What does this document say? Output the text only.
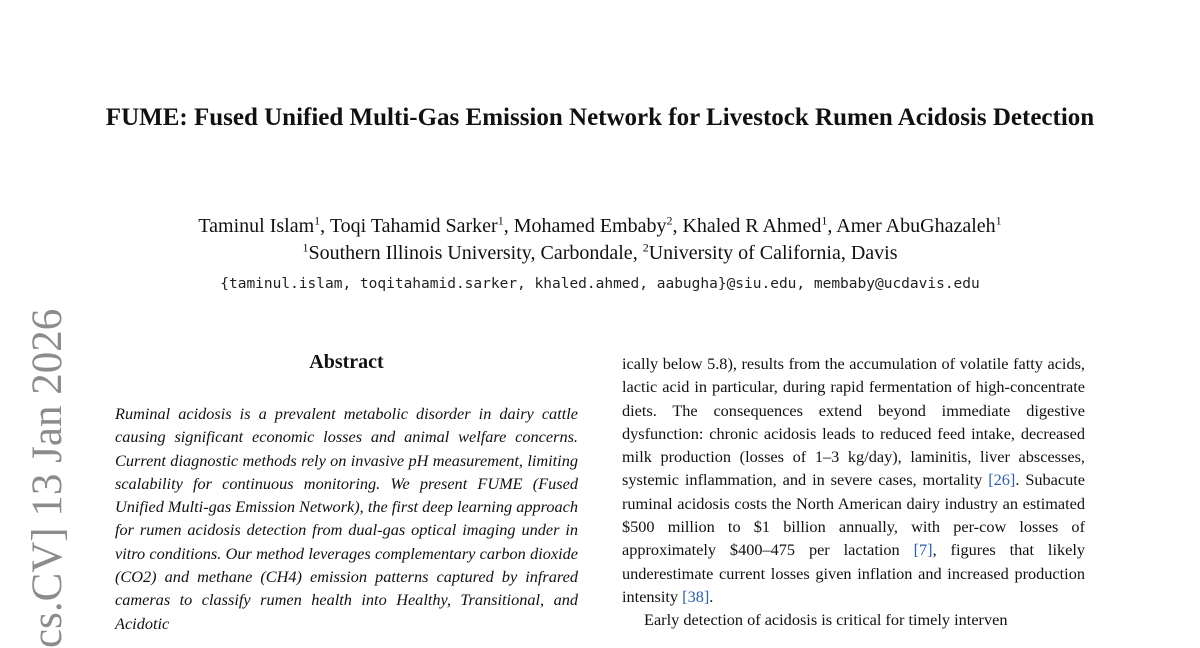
FUME: Fused Unified Multi-Gas Emission Network for Livestock Rumen Acidosis Detection
Taminul Islam$^1$, Toqi Tahamid Sarker$^1$, Mohamed Embaby$^2$, Khaled R Ahmed$^1$, Amer AbuGhazaleh$^1$
$^1$Southern Illinois University, Carbondale, $^2$University of California, Davis
{taminul.islam, toqitahamid.sarker, khaled.ahmed, aabugha}@siu.edu, membaby@ucdavis.edu
cs.CV] 13 Jan 2026	Abstract

Ruminal acidosis is a prevalent metabolic disorder in dairy cattle causing significant economic losses and animal welfare concerns. Current diagnostic methods rely on invasive pH measurement, limiting scalability for continuous monitoring. We present FUME (Fused Unified Multi-gas Emission Network), the first deep learning approach for rumen acidosis detection from dual-gas optical imaging under in vitro conditions. Our method leverages complementary carbon dioxide (CO2) and methane (CH4) emission patterns captured by infrared cameras to classify rumen health into Healthy, Transitional, and Acidotic

ically below 5.8), results from the accumulation of volatile fatty acids, lactic acid in particular, during rapid fermentation of high-concentrate diets. The consequences extend beyond immediate digestive dysfunction: chronic acidosis leads to reduced feed intake, decreased milk production (losses of 1–3 kg/day), laminitis, liver abscesses, systemic inflammation, and in severe cases, mortality [26]. Subacute ruminal acidosis costs the North American dairy industry an estimated $500 million to $1 billion annually, with per-cow losses of approximately $400–475 per lactation [7], figures that likely underestimate current losses given inflation and increased production intensity [38].

Early detection of acidosis is critical for timely interven
